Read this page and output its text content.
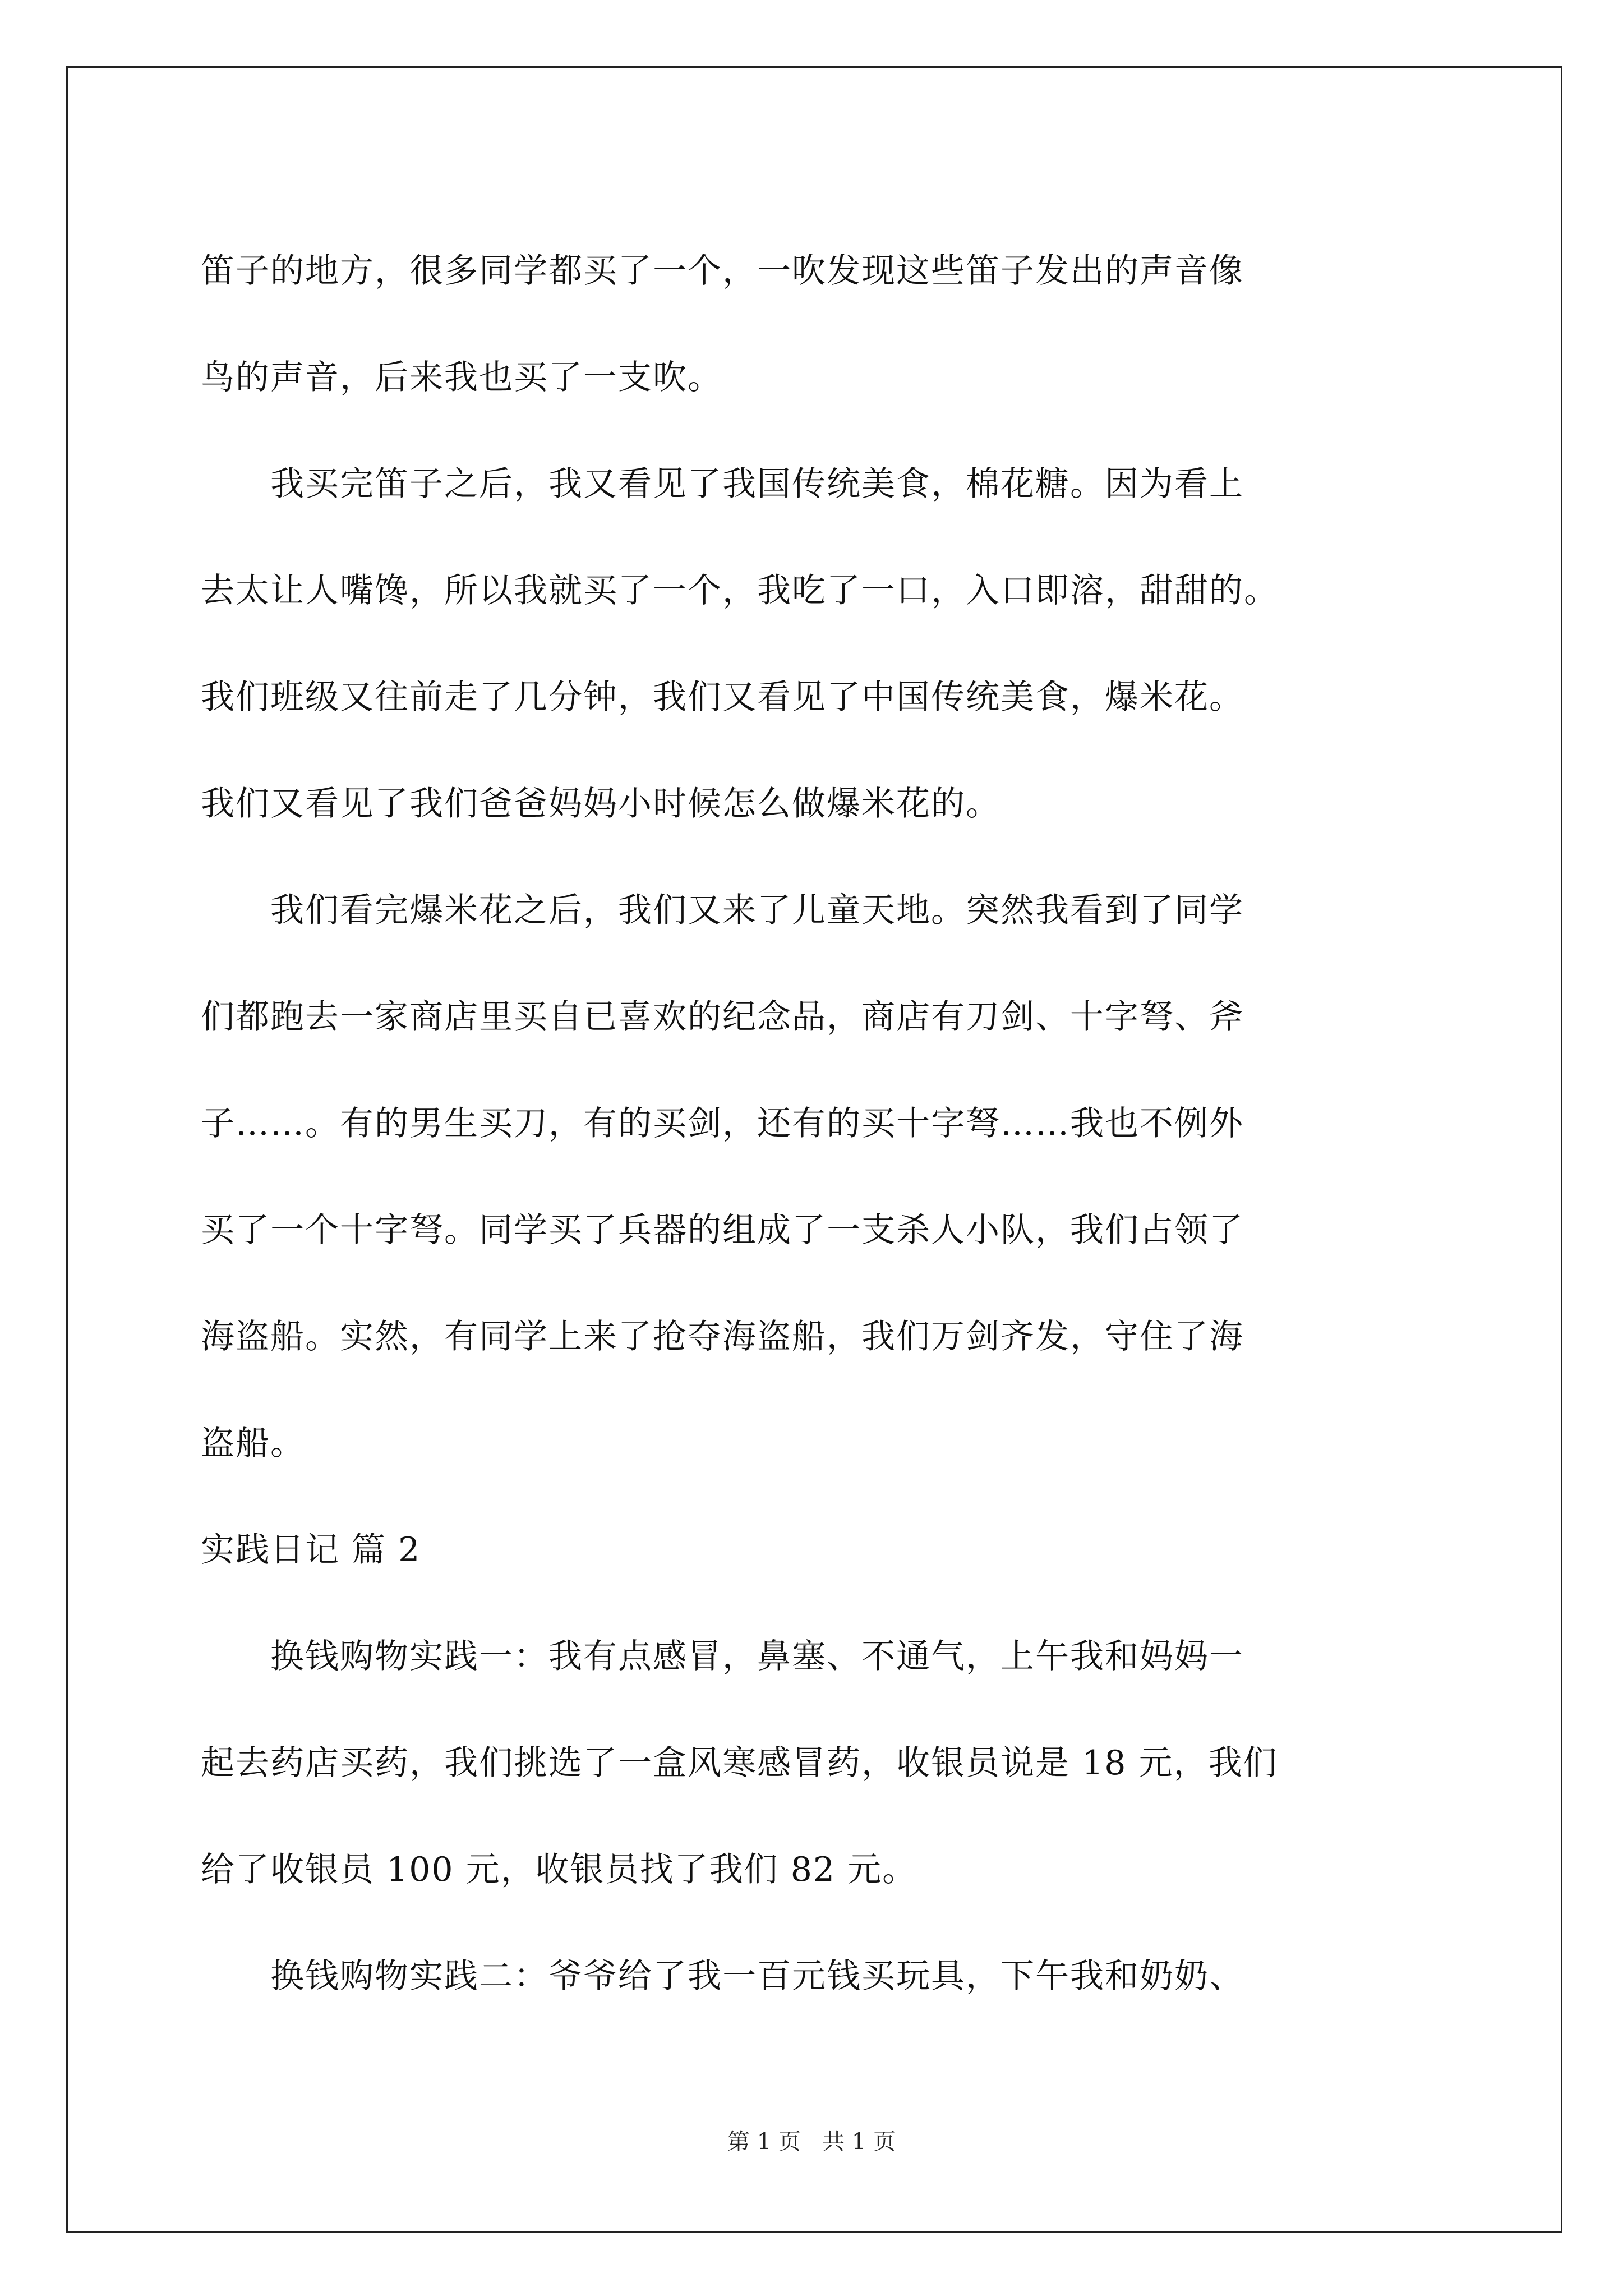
笛子的地方，很多同学都买了一个，一吹发现这些笛子发出的声音像
鸟的声音，后来我也买了一支吹。
我买完笛子之后，我又看见了我国传统美食，棉花糖。因为看上
去太让人嘴馋，所以我就买了一个，我吃了一口，入口即溶，甜甜的。
我们班级又往前走了几分钟，我们又看见了中国传统美食，爆米花。
我们又看见了我们爸爸妈妈小时候怎么做爆米花的。
我们看完爆米花之后，我们又来了儿童天地。突然我看到了同学
们都跑去一家商店里买自已喜欢的纪念品，商店有刀剑、十字弩、斧
子……。有的男生买刀，有的买剑，还有的买十字弩……我也不例外
买了一个十字弩。同学买了兵器的组成了一支杀人小队，我们占领了
海盗船。实然，有同学上来了抢夺海盗船，我们万剑齐发，守住了海
盗船。
实践日记 篇 2
换钱购物实践一：我有点感冒，鼻塞、不通气，上午我和妈妈一
起去药店买药，我们挑选了一盒风寒感冒药，收银员说是 18 元，我们
给了收银员 100 元，收银员找了我们 82 元。
换钱购物实践二：爷爷给了我一百元钱买玩具，下午我和奶奶、
第 1 页   共 1 页
